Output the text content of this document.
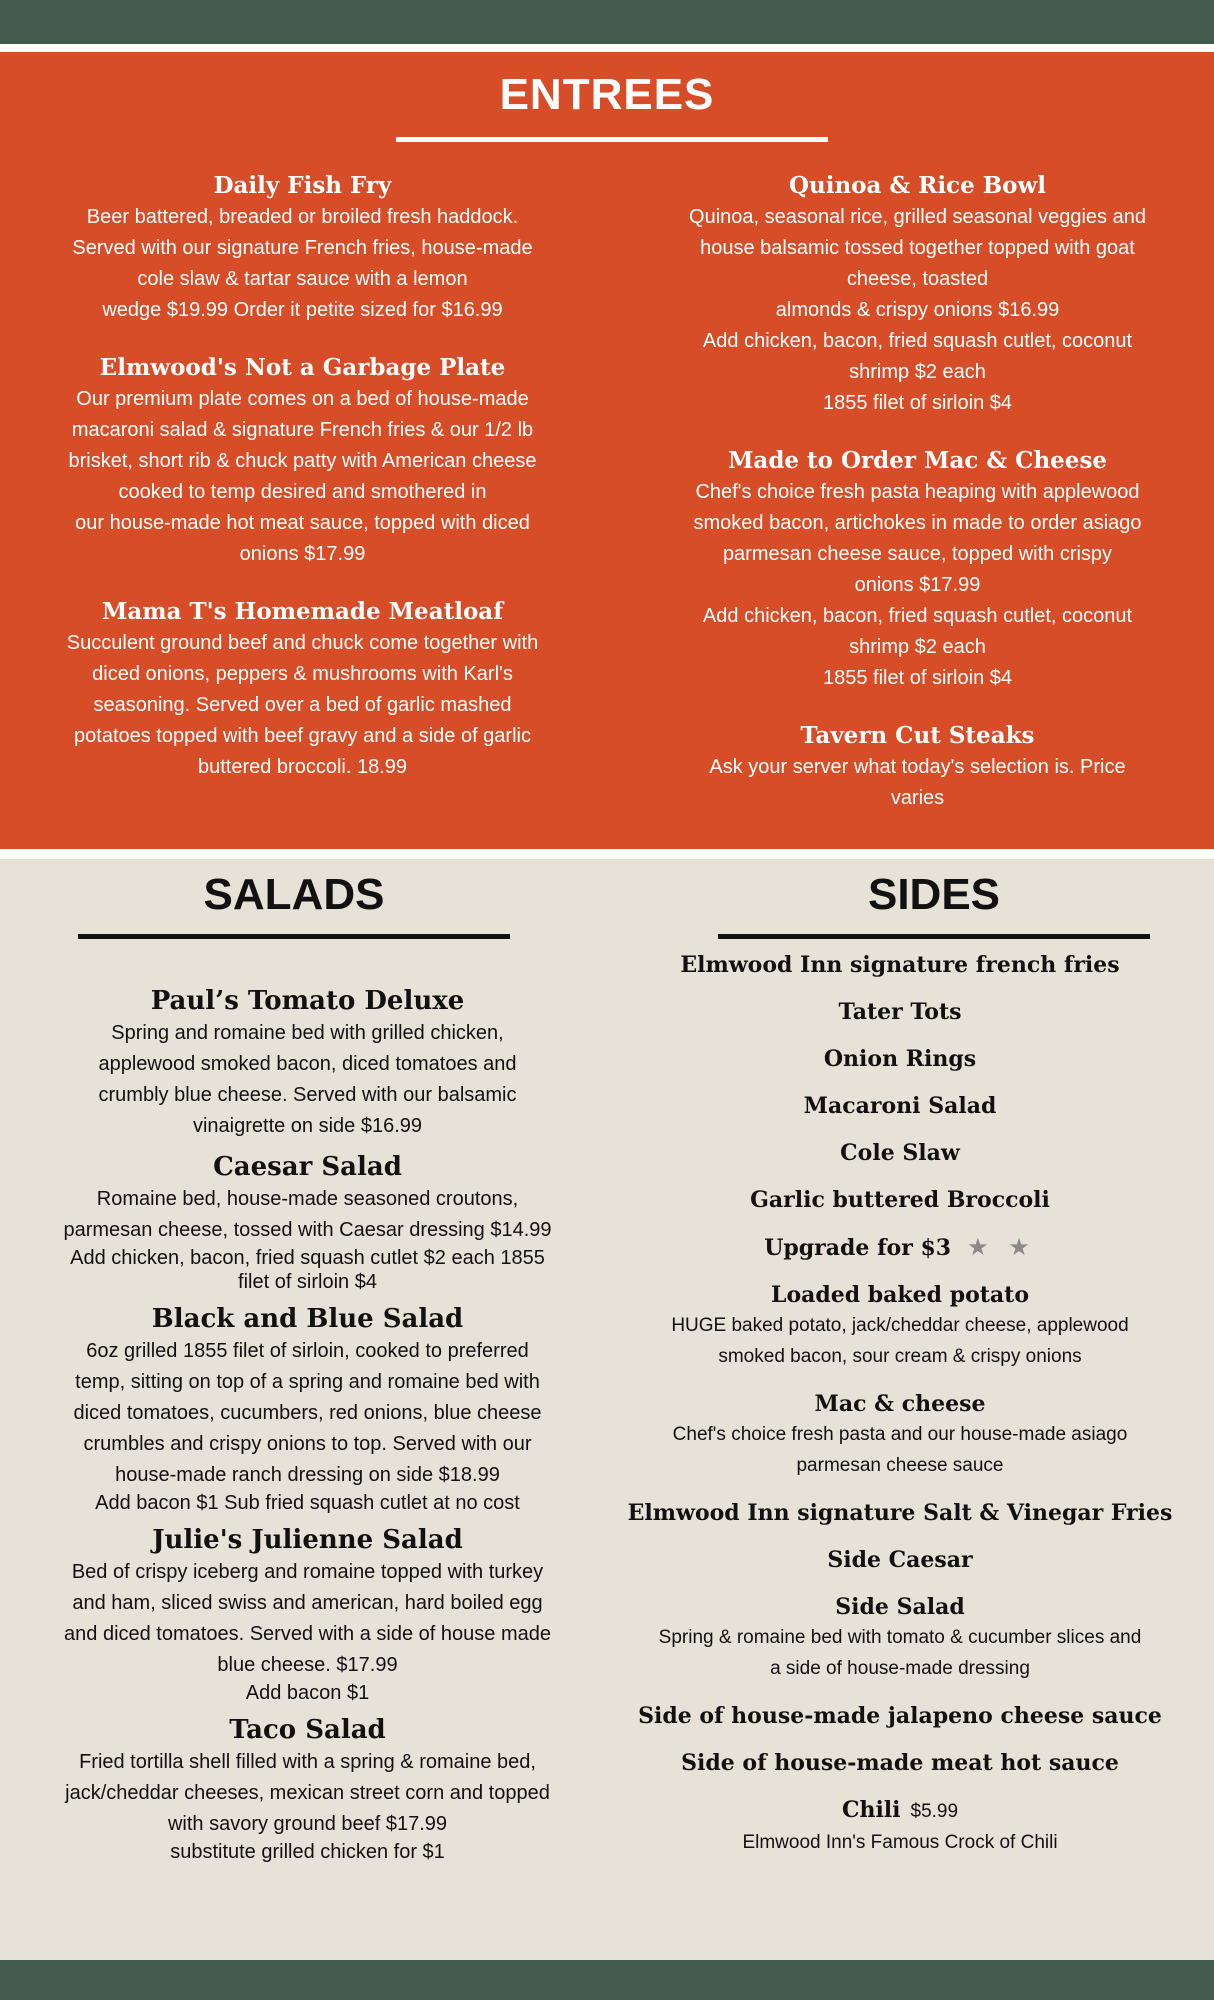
ENTREES
Daily Fish Fry
Beer battered, breaded or broiled fresh haddock.
Served with our signature French fries, house-made
cole slaw & tartar sauce with a lemon
wedge $19.99 Order it petite sized for $16.99
Elmwood's Not a Garbage Plate
Our premium plate comes on a bed of house-made
macaroni salad & signature French fries & our 1/2 lb
brisket, short rib & chuck patty with American cheese
cooked to temp desired and smothered in
our house-made hot meat sauce, topped with diced
onions $17.99
Mama T's Homemade Meatloaf
Succulent ground beef and chuck come together with
diced onions, peppers & mushrooms with Karl's
seasoning. Served over a bed of garlic mashed
potatoes topped with beef gravy and a side of garlic
buttered broccoli. 18.99
Quinoa & Rice Bowl
Quinoa, seasonal rice, grilled seasonal veggies and
house balsamic tossed together topped with goat
cheese, toasted
almonds & crispy onions $16.99
Add chicken, bacon, fried squash cutlet, coconut
shrimp $2 each
1855 filet of sirloin $4
Made to Order Mac & Cheese
Chef's choice fresh pasta heaping with applewood
smoked bacon, artichokes in made to order asiago
parmesan cheese sauce, topped with crispy
onions $17.99
Add chicken, bacon, fried squash cutlet, coconut
shrimp $2 each
1855 filet of sirloin $4
Tavern Cut Steaks
Ask your server what today's selection is. Price
varies
SALADS
Paul’s Tomato Deluxe
Spring and romaine bed with grilled chicken,
applewood smoked bacon, diced tomatoes and
crumbly blue cheese. Served with our balsamic
vinaigrette on side $16.99
Caesar Salad
Romaine bed, house-made seasoned croutons,
parmesan cheese, tossed with Caesar dressing $14.99
Add chicken, bacon, fried squash cutlet $2 each 1855
filet of sirloin $4
Black and Blue Salad
6oz grilled 1855 filet of sirloin, cooked to preferred
temp, sitting on top of a spring and romaine bed with
diced tomatoes, cucumbers, red onions, blue cheese
crumbles and crispy onions to top. Served with our
house-made ranch dressing on side $18.99
Add bacon $1 Sub fried squash cutlet at no cost
Julie's Julienne Salad
Bed of crispy iceberg and romaine topped with turkey
and ham, sliced swiss and american, hard boiled egg
and diced tomatoes. Served with a side of house made
blue cheese. $17.99
Add bacon $1
Taco Salad
Fried tortilla shell filled with a spring & romaine bed,
jack/cheddar cheeses, mexican street corn and topped
with savory ground beef $17.99
substitute grilled chicken for $1
SIDES
Elmwood Inn signature french fries
Tater Tots
Onion Rings
Macaroni Salad
Cole Slaw
Garlic buttered Broccoli
Upgrade for $3 ★ ★
Loaded baked potato
HUGE baked potato, jack/cheddar cheese, applewood
smoked bacon, sour cream & crispy onions
Mac & cheese
Chef's choice fresh pasta and our house-made asiago
parmesan cheese sauce
Elmwood Inn signature Salt & Vinegar Fries
Side Caesar
Side Salad
Spring & romaine bed with tomato & cucumber slices and
a side of house-made dressing
Side of house-made jalapeno cheese sauce
Side of house-made meat hot sauce
Chili $5.99
Elmwood Inn's Famous Crock of Chili
